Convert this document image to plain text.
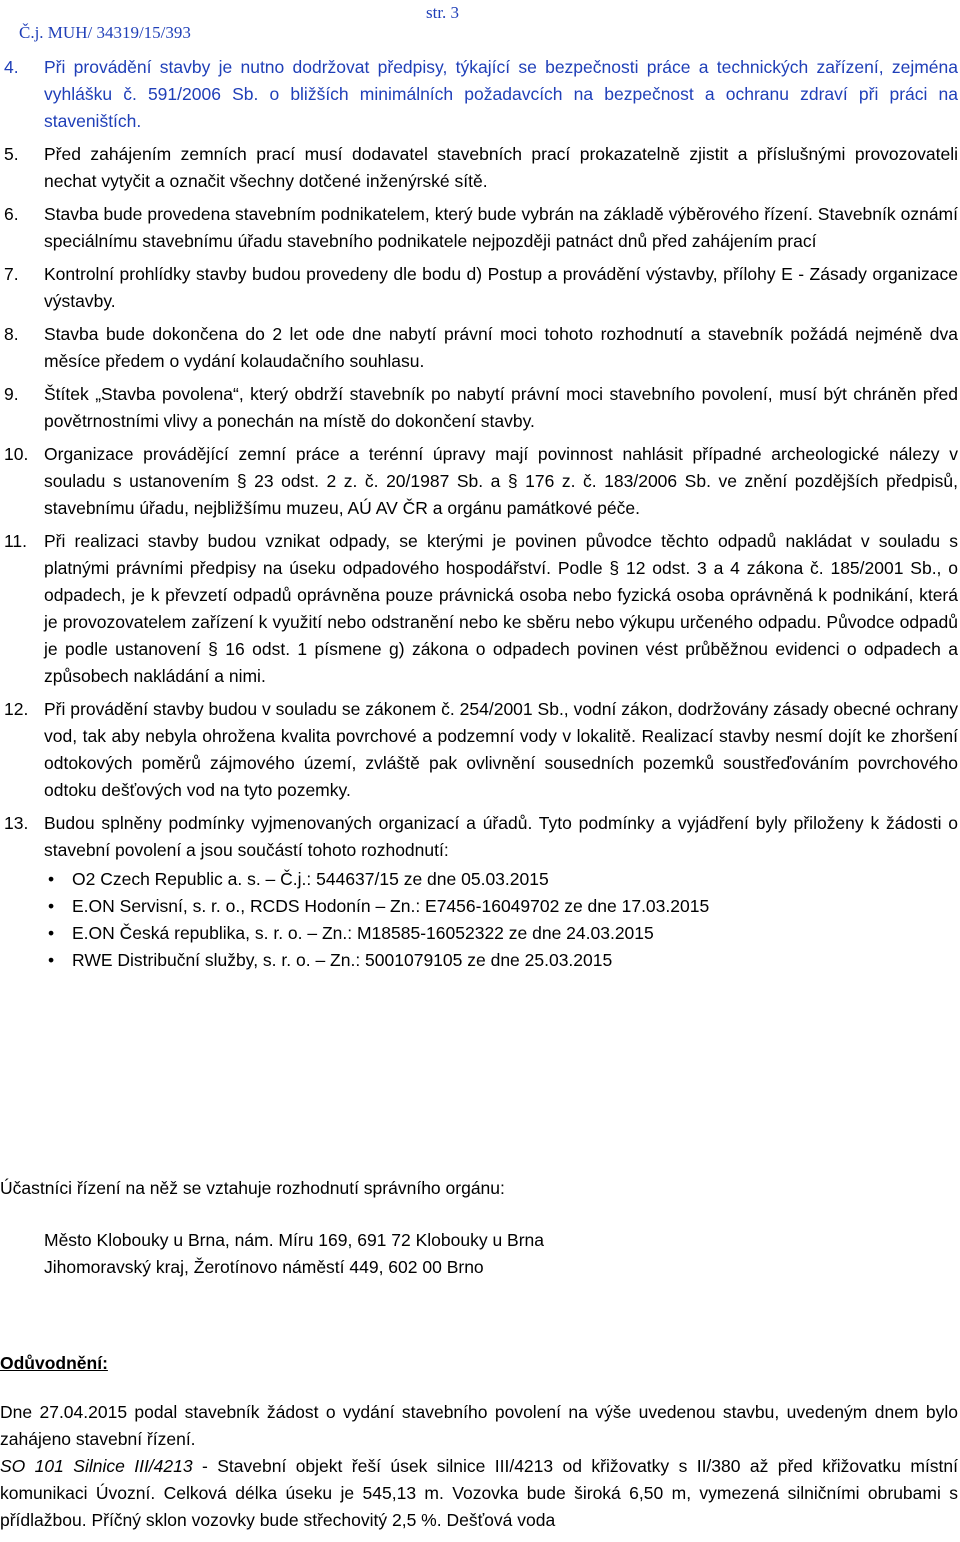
Č.j. MUH/ 34319/15/393

str. 3

4. Při provádění stavby je nutno dodržovat předpisy, týkající se bezpečnosti práce a technických zařízení, zejména vyhlášku č. 591/2006 Sb. o bližších minimálních požadavcích na bezpečnost a ochranu zdraví při práci na staveništích.
5. Před zahájením zemních prací musí dodavatel stavebních prací prokazatelně zjistit a příslušnými provozovateli nechat vytyčit a označit všechny dotčené inženýrské sítě.
6. Stavba bude provedena stavebním podnikatelem, který bude vybrán na základě výběrového řízení. Stavebník oznámí speciálnímu stavebnímu úřadu stavebního podnikatele nejpozději patnáct dnů před zahájením prací
7. Kontrolní prohlídky stavby budou provedeny dle bodu d) Postup a provádění výstavby, přílohy E - Zásady organizace výstavby.
8. Stavba bude dokončena do 2 let ode dne nabytí právní moci tohoto rozhodnutí a stavebník požádá nejméně dva měsíce předem o vydání kolaudačního souhlasu.
9. Štítek „Stavba povolena“, který obdrží stavebník po nabytí právní moci stavebního povolení, musí být chráněn před povětrnostními vlivy a ponechán na místě do dokončení stavby.
10. Organizace provádějící zemní práce a terénní úpravy mají povinnost nahlásit případné archeologické nálezy v souladu s ustanovením § 23 odst. 2 z. č. 20/1987 Sb. a § 176 z. č. 183/2006 Sb. ve znění pozdějších předpisů, stavebnímu úřadu, nejbližšímu muzeu, AÚ AV ČR a orgánu památkové péče.
11. Při realizaci stavby budou vznikat odpady, se kterými je povinen původce těchto odpadů nakládat v souladu s platnými právními předpisy na úseku odpadového hospodářství. Podle § 12 odst. 3 a 4 zákona č. 185/2001 Sb., o odpadech, je k převzetí odpadů oprávněna pouze právnická osoba nebo fyzická osoba oprávněná k podnikání, která je provozovatelem zařízení k využití nebo odstranění nebo ke sběru nebo výkupu určeného odpadu. Původce odpadů je podle ustanovení § 16 odst. 1 písmene g) zákona o odpadech povinen vést průběžnou evidenci o odpadech a způsobech nakládání a nimi.
12. Při provádění stavby budou v souladu se zákonem č. 254/2001 Sb., vodní zákon, dodržovány zásady obecné ochrany vod, tak aby nebyla ohrožena kvalita povrchové a podzemní vody v lokalitě. Realizací stavby nesmí dojít ke zhoršení odtokových poměrů zájmového území, zvláště pak ovlivnění sousedních pozemků soustřeďováním povrchového odtoku dešťových vod na tyto pozemky.
13. Budou splněny podmínky vyjmenovaných organizací a úřadů. Tyto podmínky a vyjádření byly přiloženy k žádosti o stavební povolení a jsou součástí tohoto rozhodnutí:
• O2 Czech Republic a. s. – Č.j.: 544637/15 ze dne 05.03.2015
• E.ON Servisní, s. r. o., RCDS Hodonín – Zn.: E7456-16049702 ze dne 17.03.2015
• E.ON Česká republika, s. r. o. – Zn.: M18585-16052322 ze dne 24.03.2015
• RWE Distribuční služby, s. r. o. – Zn.: 5001079105 ze dne 25.03.2015
Účastníci řízení na něž se vztahuje rozhodnutí správního orgánu:
Město Klobouky u Brna, nám. Míru 169, 691 72 Klobouky u Brna
Jihomoravský kraj, Žerotínovo náměstí 449, 602 00 Brno
Odůvodnění:
Dne 27.04.2015 podal stavebník žádost o vydání stavebního povolení na výše uvedenou stavbu, uvedeným dnem bylo zahájeno stavební řízení.
SO 101 Silnice III/4213 - Stavební objekt řeší úsek silnice III/4213 od křižovatky s II/380 až před křižovatku místní komunikaci Úvozní. Celková délka úseku je 545,13 m. Vozovka bude široká 6,50 m, vymezená silničními obrubami s přídlažbou. Příčný sklon vozovky bude střechovitý 2,5 %. Dešťová voda
